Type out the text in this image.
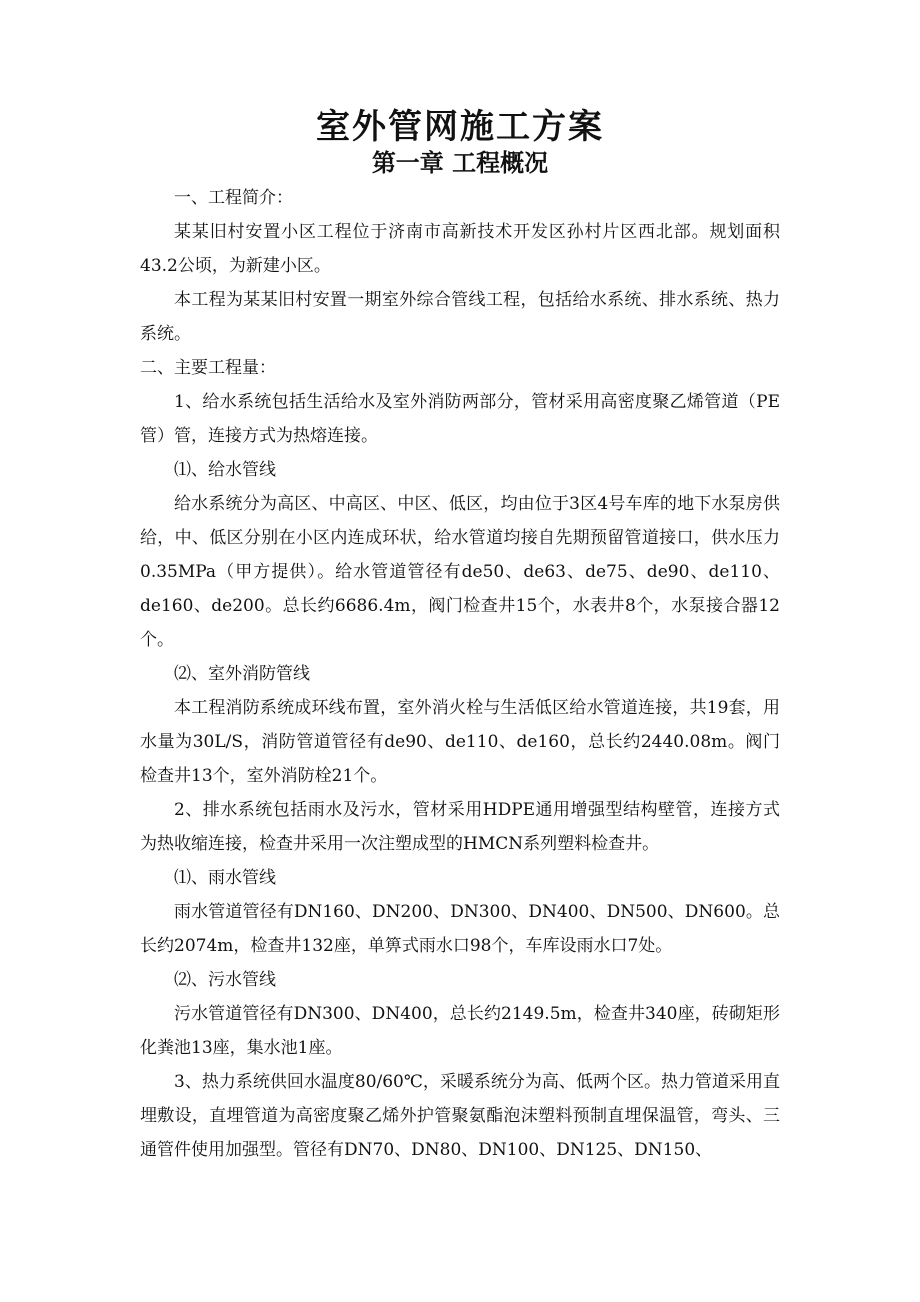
室外管网施工方案
第一章 工程概况

一、工程简介：

某某旧村安置小区工程位于济南市高新技术开发区孙村片区西北部。规划面积43.2公顷，为新建小区。

本工程为某某旧村安置一期室外综合管线工程，包括给水系统、排水系统、热力系统。

二、主要工程量：

1、给水系统包括生活给水及室外消防两部分，管材采用高密度聚乙烯管道（PE管）管，连接方式为热熔连接。

⑴、给水管线

给水系统分为高区、中高区、中区、低区，均由位于3区4号车库的地下水泵房供给，中、低区分别在小区内连成环状，给水管道均接自先期预留管道接口，供水压力0.35MPa（甲方提供）。给水管道管径有de50、de63、de75、de90、de110、de160、de200。总长约6686.4m，阀门检查井15个，水表井8个，水泵接合器12个。

⑵、室外消防管线

本工程消防系统成环线布置，室外消火栓与生活低区给水管道连接，共19套，用水量为30L/S，消防管道管径有de90、de110、de160，总长约2440.08m。阀门检查井13个，室外消防栓21个。

2、排水系统包括雨水及污水，管材采用HDPE通用增强型结构壁管，连接方式为热收缩连接，检查井采用一次注塑成型的HMCN系列塑料检查井。

⑴、雨水管线

雨水管道管径有DN160、DN200、DN300、DN400、DN500、DN600。总长约2074m，检查井132座，单箅式雨水口98个，车库设雨水口7处。

⑵、污水管线

污水管道管径有DN300、DN400，总长约2149.5m，检查井340座，砖砌矩形化粪池13座，集水池1座。

3、热力系统供回水温度80/60℃，采暖系统分为高、低两个区。热力管道采用直埋敷设，直埋管道为高密度聚乙烯外护管聚氨酯泡沫塑料预制直埋保温管，弯头、三通管件使用加强型。管径有DN70、DN80、DN100、DN125、DN150、
